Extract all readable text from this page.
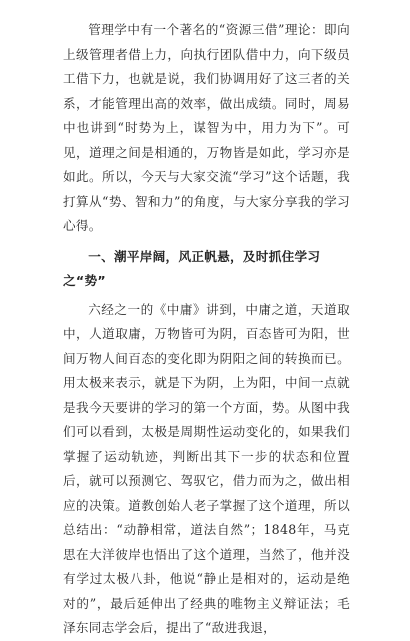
管理学中有一个著名的“资源三借”理论：即向上级管理者借上力，向执行团队借中力，向下级员工借下力，也就是说，我们协调用好了这三者的关系，才能管理出高的效率，做出成绩。同时，周易中也讲到“时势为上，谋智为中，用力为下”。可见，道理之间是相通的，万物皆是如此，学习亦是如此。所以，今天与大家交流“学习”这个话题，我打算从“势、智和力”的角度，与大家分享我的学习心得。

一、潮平岸阔，风正帆悬，及时抓住学习之“势”

六经之一的《中庸》讲到，中庸之道，天道取中，人道取庸，万物皆可为阴，百态皆可为阳，世间万物人间百态的变化即为阴阳之间的转换而已。用太极来表示，就是下为阴，上为阳，中间一点就是我今天要讲的学习的第一个方面，势。从图中我们可以看到，太极是周期性运动变化的，如果我们掌握了运动轨迹，判断出其下一步的状态和位置后，就可以预测它、驾驭它，借力而为之，做出相应的决策。道教创始人老子掌握了这个道理，所以总结出：“动静相常，道法自然”；1848年，马克思在大洋彼岸也悟出了这个道理，当然了，他并没有学过太极八卦，他说“静止是相对的，运动是绝对的”，最后延伸出了经典的唯物主义辩证法；毛泽东同志学会后，提出了“敌进我退，
